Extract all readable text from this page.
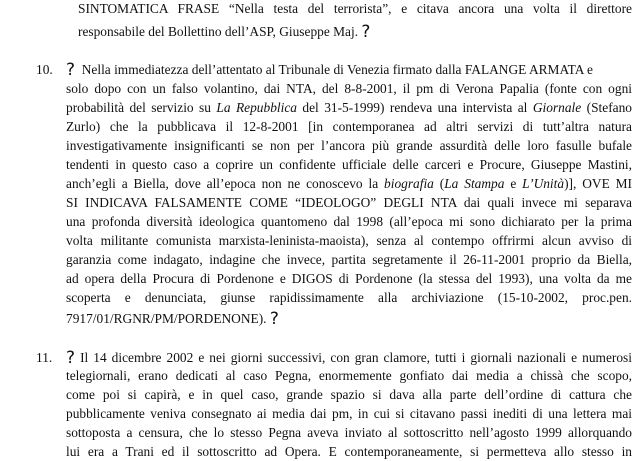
SINTOMATICA FRASE “Nella testa del terrorista”, e citava ancora una volta il direttore
responsabile del Bollettino dell’ASP, Giuseppe Maj. ?
10. ? Nella immediatezza dell’attentato al Tribunale di Venezia firmato dalla FALANGE ARMATA e
solo dopo con un falso volantino, dai NTA, del 8-8-2001, il pm di Verona Papalia (fonte con ogni
probabilità del servizio su La Repubblica del 31-5-1999) rendeva una intervista al Giornale (Stefano
Zurlo) che la pubblicava il 12-8-2001 [in contemporanea ad altri servizi di tutt’altra natura
investigativamente insignificanti se non per l’ancora più grande assurdità delle loro fasulle bufale
tendenti in questo caso a coprire un confidente ufficiale delle carceri e Procure, Giuseppe Mastini,
anch’egli a Biella, dove all’epoca non ne conoscevo la biografia (La Stampa e L’Unità)], OVE MI
SI INDICAVA FALSAMENTE COME “IDEOLOGO” DEGLI NTA dai quali invece mi separava
una profonda diversità ideologica quantomeno dal 1998 (all’epoca mi sono dichiarato per la prima
volta militante comunista marxista-leninista-maoista), senza al contempo offrirmi alcun avviso di
garanzia come indagato, indagine che invece, partita segretamente il 26-11-2001 proprio da Biella,
ad opera della Procura di Pordenone e DIGOS di Pordenone (la stessa del 1993), una volta da me
scoperta e denunciata, giunse rapidissimamente alla archiviazione (15-10-2002, proc.pen.
7917/01/RGNR/PM/PORDENONE). ?
11. ? Il 14 dicembre 2002 e nei giorni successivi, con gran clamore, tutti i giornali nazionali e numerosi
telegiornali, erano dedicati al caso Pegna, enormemente gonfiato dai media a chissà che scopo,
come poi si capirà, e in quel caso, grande spazio si dava alla parte dell’ordine di cattura che
pubblicamente veniva consegnato ai media dai pm, in cui si citavano passi inediti di una lettera mai
sottoposta a censura, che lo stesso Pegna aveva inviato al sottoscritto nell’agosto 1999 allorquando
lui era a Trani ed il sottoscritto ad Opera. E contemporaneamente, si permetteva allo stesso in
